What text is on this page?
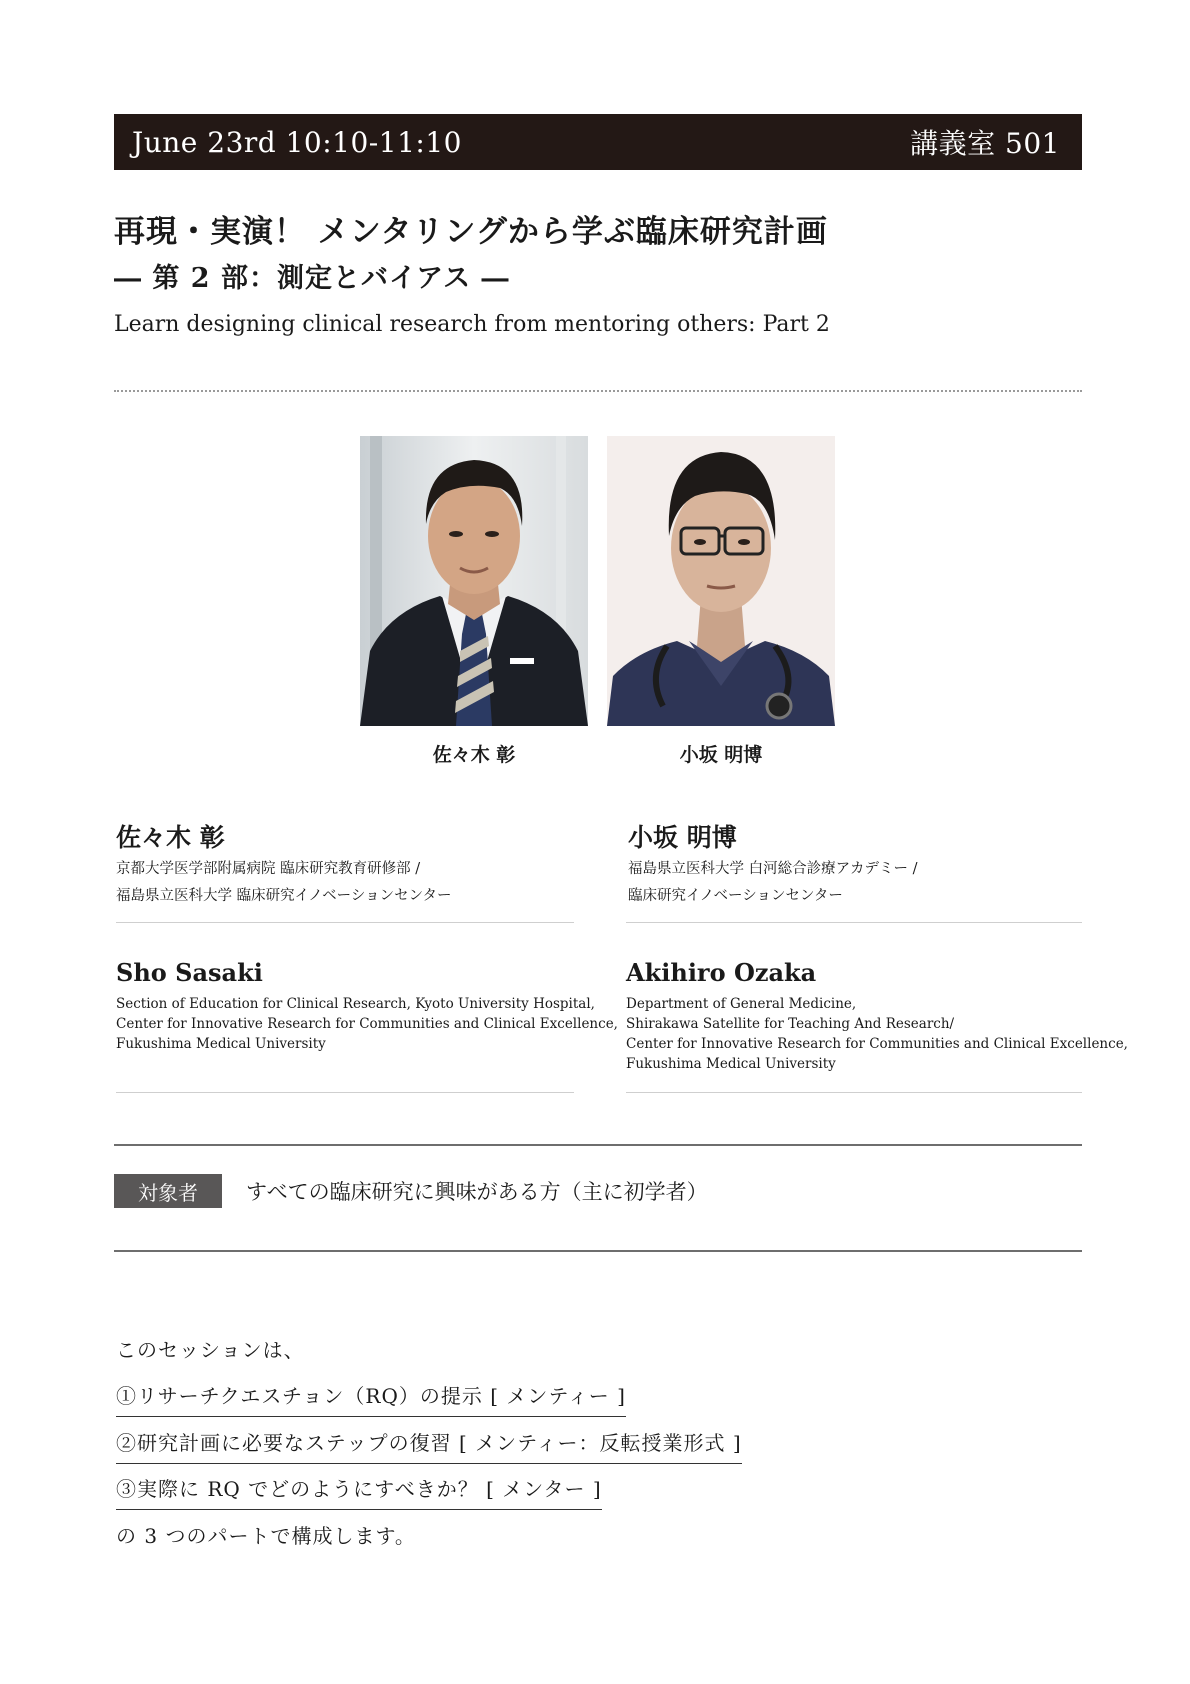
June 23rd 10:10-11:10	講義室 501
再現・実演！ メンタリングから学ぶ臨床研究計画
― 第 2 部：測定とバイアス ―
Learn designing clinical research from mentoring others: Part 2
佐々木 彰	小坂 明博
佐々木 彰
京都大学医学部附属病院 臨床研究教育研修部 /
福島県立医科大学 臨床研究イノベーションセンター
Sho Sasaki
Section of Education for Clinical Research, Kyoto University Hospital,
Center for Innovative Research for Communities and Clinical Excellence,
Fukushima Medical University
小坂 明博
福島県立医科大学 白河総合診療アカデミー /
臨床研究イノベーションセンター
Akihiro Ozaka
Department of General Medicine,
Shirakawa Satellite for Teaching And Research/
Center for Innovative Research for Communities and Clinical Excellence,
Fukushima Medical University
対象者	すべての臨床研究に興味がある方（主に初学者）
このセッションは、
①リサーチクエスチョン（RQ）の提示 [ メンティー ]
②研究計画に必要なステップの復習 [ メンティー：反転授業形式 ]
③実際に RQ でどのようにすべきか？ [ メンター ]
の 3 つのパートで構成します。
